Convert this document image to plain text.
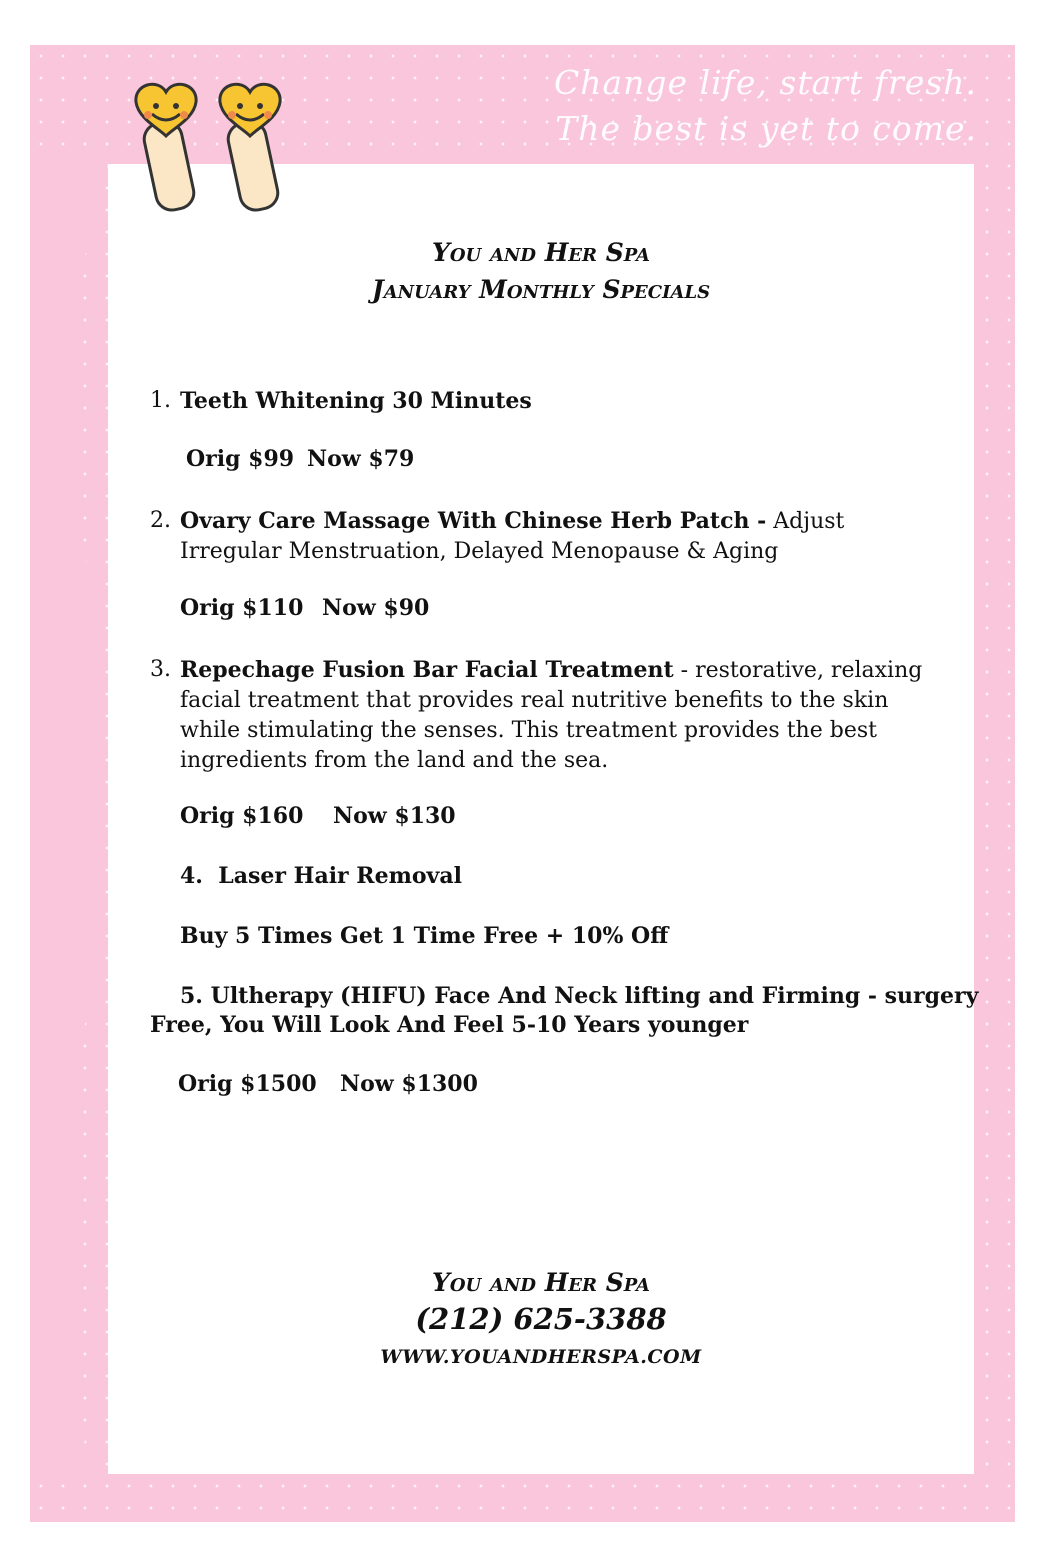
Change life, start fresh.
The best is yet to come.
You and Her Spa
January Monthly Specials
1. Teeth Whitening 30 Minutes
Orig $99 Now $79
2. Ovary Care Massage With Chinese Herb Patch - Adjust Irregular Menstruation, Delayed Menopause & Aging
Orig $110 Now $90
3. Repechage Fusion Bar Facial Treatment - restorative, relaxing facial treatment that provides real nutritive benefits to the skin while stimulating the senses. This treatment provides the best ingredients from the land and the sea.
Orig $160 Now $130
4. Laser Hair Removal
Buy 5 Times Get 1 Time Free + 10% Off
5. Ultherapy (HIFU) Face And Neck lifting and Firming - surgery
Free, You Will Look And Feel 5-10 Years younger
Orig $1500 Now $1300
You and Her Spa
(212) 625-3388
WWW.YOUANDHERSPA.COM
